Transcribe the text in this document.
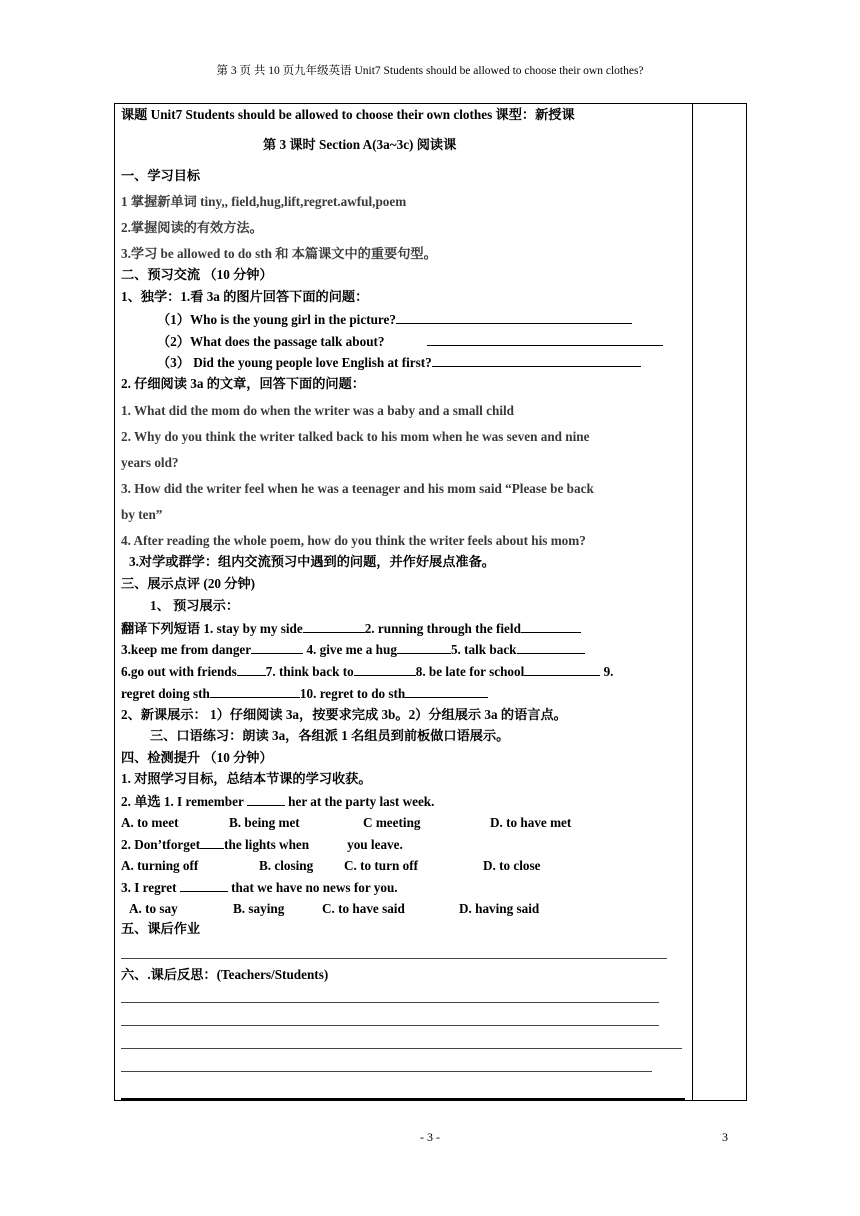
第 3 页 共 10 页九年级英语 Unit7 Students should be allowed to choose their own clothes?
课题 Unit7 Students should be allowed to choose their own clothes 课型：新授课
第 3 课时 Section A(3a~3c) 阅读课
一、学习目标
1 掌握新单词 tiny,, field,hug,lift,regret.awful,poem
2.掌握阅读的有效方法。
3.学习 be allowed to do sth 和 本篇课文中的重要句型。
二、预习交流 （10 分钟）
1、独学：1.看 3a 的图片回答下面的问题：
（1）Who is the young girl in the picture?
（2）What does the passage talk about?
（3） Did the young people love English at first?
2. 仔细阅读 3a 的文章，回答下面的问题：
1. What did the mom do when the writer was a baby and a small child
2. Why do you think the writer talked back to his mom when he was seven and nine
years old?
3. How did the writer feel when he was a teenager and his mom said “Please be back
by ten”
4. After reading the whole poem, how do you think the writer feels about his mom?
3.对学或群学：组内交流预习中遇到的问题，并作好展点准备。
三、展示点评 (20 分钟)
1、 预习展示：
翻译下列短语 1. stay by my side	2. running through the field
3.keep me from danger	4. give me a hug	5. talk back
6.go out with friends 7. think back to	8. be late for school	9.
regret doing sth	10. regret to do sth
2、新课展示： 1）仔细阅读 3a，按要求完成 3b。2）分组展示 3a 的语言点。
三、口语练习：朗读 3a，各组派 1 名组员到前板做口语展示。
四、检测提升 （10 分钟）
1. 对照学习目标，总结本节课的学习收获。
2. 单选 1. I remember	her at the party last week.
A. to meet	B. being met	C meeting	D. to have met
2. Don’tforget the lights when	you leave.
A. turning off	B. closing C. to turn off	D. to close
3. I regret	that we have no news for you.
A. to say	B. saying	C. to have said	D. having said
五、课后作业
六、.课后反思：(Teachers/Students)
- 3 -	3
